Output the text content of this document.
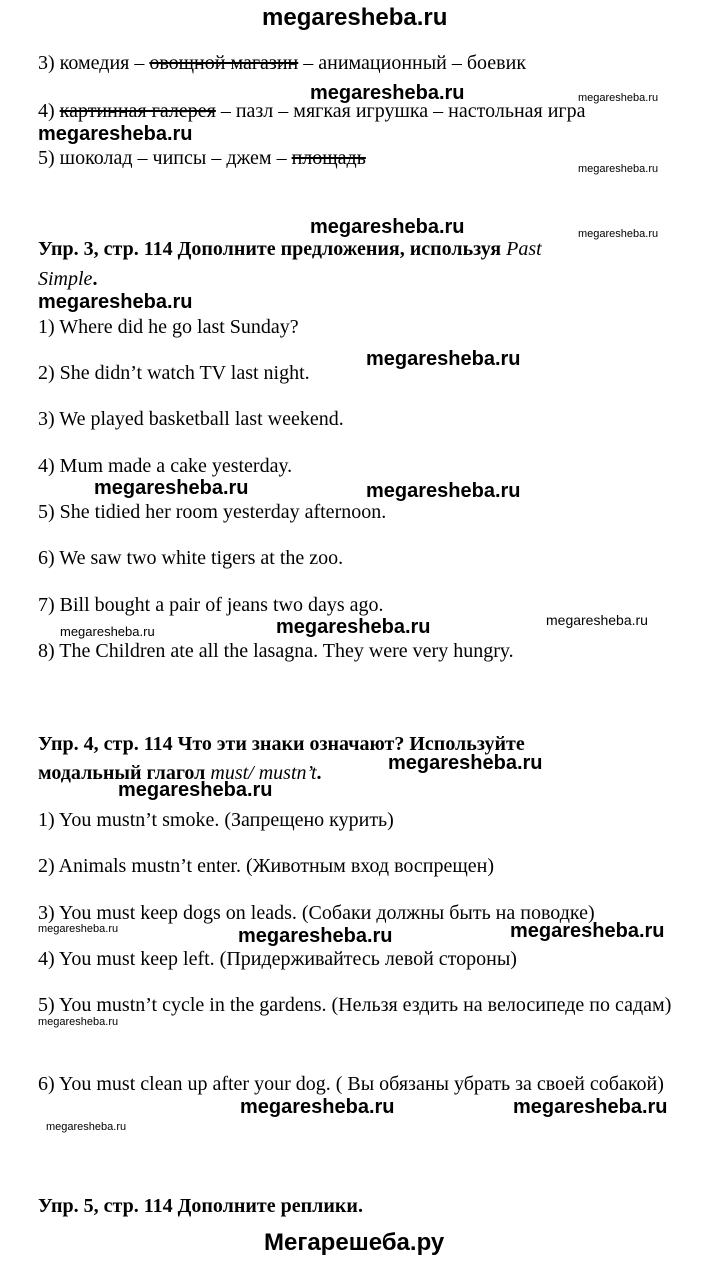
megaresheba.ru
3) комедия – овощной магазин – анимационный – боевик
megaresheba.ru
megaresheba.ru
4) картинная галерея – пазл – мягкая игрушка – настольная игра
megaresheba.ru
5) шоколад – чипсы – джем – площадь	megaresheba.ru
megaresheba.ru	megaresheba.ru
Упр. 3, стр. 114 Дополните предложения, используя Past
Simple.
megaresheba.ru
1) Where did he go last Sunday?
megaresheba.ru
2) She didn’t watch TV last night.
3) We played basketball last weekend.
4) Mum made a cake yesterday.
megaresheba.ru	megaresheba.ru
5) She tidied her room yesterday afternoon.
6) We saw two white tigers at the zoo.
7) Bill bought a pair of jeans two days ago.
megaresheba.ru
megaresheba.ru	megaresheba.ru
8) The Children ate all the lasagna. They were very hungry.
Упр. 4, стр. 114 Что эти знаки означают? Используйте
модальный глагол must/ mustn’t.	megaresheba.ru
megaresheba.ru
1) You mustn’t smoke. (Запрещено курить)
2) Animals mustn’t enter. (Животным вход воспрещен)
3) You must keep dogs on leads. (Собаки должны быть на поводке)
megaresheba.ru	megaresheba.ru	megaresheba.ru
4) You must keep left. (Придерживайтесь левой стороны)
5) You mustn’t cycle in the gardens. (Нельзя ездить на велосипеде по садам)
megaresheba.ru
6) You must clean up after your dog. ( Вы обязаны убрать за своей собакой)
megaresheba.ru	megaresheba.ru
megaresheba.ru
Упр. 5, стр. 114 Дополните реплики.
Мегарешеба.ру
